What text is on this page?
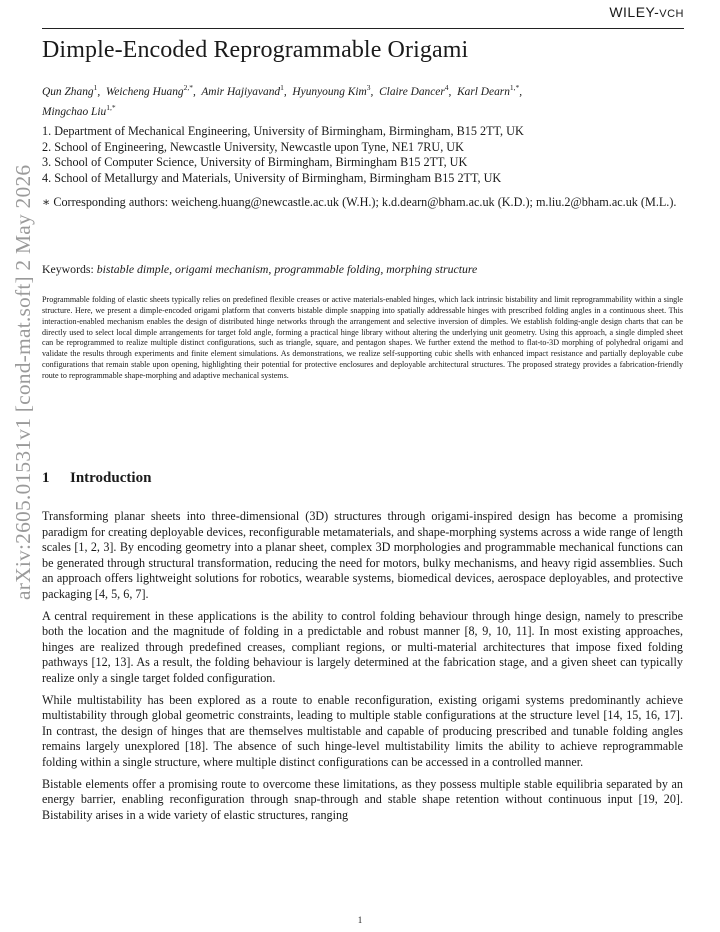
WILEY-VCH
Dimple-Encoded Reprogrammable Origami
Qun Zhang$^1$,  Weicheng Huang$^{2,*}$,  Amir Hajiyavand$^1$,  Hyunyoung Kim$^3$,  Claire Dancer$^4$,  Karl Dearn$^{1,*}$,
Mingchao Liu$^{1,*}$
1. Department of Mechanical Engineering, University of Birmingham, Birmingham, B15 2TT, UK
2. School of Engineering, Newcastle University, Newcastle upon Tyne, NE1 7RU, UK
3. School of Computer Science, University of Birmingham, Birmingham B15 2TT, UK
4. School of Metallurgy and Materials, University of Birmingham, Birmingham B15 2TT, UK
∗ Corresponding authors: weicheng.huang@newcastle.ac.uk (W.H.); k.d.dearn@bham.ac.uk (K.D.); m.liu.2@bham.ac.uk (M.L.).
Keywords: bistable dimple, origami mechanism, programmable folding, morphing structure
Programmable folding of elastic sheets typically relies on predefined flexible creases or active materials-enabled hinges, which lack intrinsic bistability and limit reprogrammability within a single structure. Here, we present a dimple-encoded origami platform that converts bistable dimple snapping into spatially addressable hinges with prescribed folding angles in a continuous sheet. This interaction-enabled mechanism enables the design of distributed hinge networks through the arrangement and selective inversion of dimples. We establish folding-angle design charts that can be directly used to select local dimple arrangements for target fold angle, forming a practical hinge library without altering the underlying unit geometry. Using this approach, a single dimpled sheet can be reprogrammed to realize multiple distinct configurations, such as triangle, square, and pentagon shapes. We further extend the method to flat-to-3D morphing of polyhedral origami and validate the results through experiments and finite element simulations. As demonstrations, we realize self-supporting cubic shells with enhanced impact resistance and partially deployable cube configurations that remain stable upon opening, highlighting their potential for protective enclosures and deployable architectural structures. The proposed strategy provides a fabrication-friendly route to reprogrammable shape-morphing and adaptive mechanical systems.
1 Introduction

Transforming planar sheets into three-dimensional (3D) structures through origami-inspired design has become a promising paradigm for creating deployable devices, reconfigurable metamaterials, and shape-morphing systems across a wide range of length scales [1, 2, 3]. By encoding geometry into a planar sheet, complex 3D morphologies and programmable mechanical functions can be generated through structural transformation, reducing the need for motors, bulky mechanisms, and heavy rigid assemblies. Such an approach offers lightweight solutions for robotics, wearable systems, biomedical devices, aerospace deployables, and protective packaging [4, 5, 6, 7].

A central requirement in these applications is the ability to control folding behaviour through hinge design, namely to prescribe both the location and the magnitude of folding in a predictable and robust manner [8, 9, 10, 11]. In most existing approaches, hinges are realized through predefined creases, compliant regions, or multi-material architectures that impose fixed folding pathways [12, 13]. As a result, the folding behaviour is largely determined at the fabrication stage, and a given sheet can typically realize only a single target folded configuration.

While multistability has been explored as a route to enable reconfiguration, existing origami systems predominantly achieve multistability through global geometric constraints, leading to multiple stable configurations at the structure level [14, 15, 16, 17]. In contrast, the design of hinges that are themselves multistable and capable of producing prescribed and tunable folding angles remains largely unexplored [18]. The absence of such hinge-level multistability limits the ability to achieve reprogrammable folding within a single structure, where multiple distinct configurations can be accessed in a controlled manner.

Bistable elements offer a promising route to overcome these limitations, as they possess multiple stable equilibria separated by an energy barrier, enabling reconfiguration through snap-through and stable shape retention without continuous input [19, 20]. Bistability arises in a wide variety of elastic structures, ranging

arXiv:2605.01531v1 [cond-mat.soft] 2 May 2026
1
